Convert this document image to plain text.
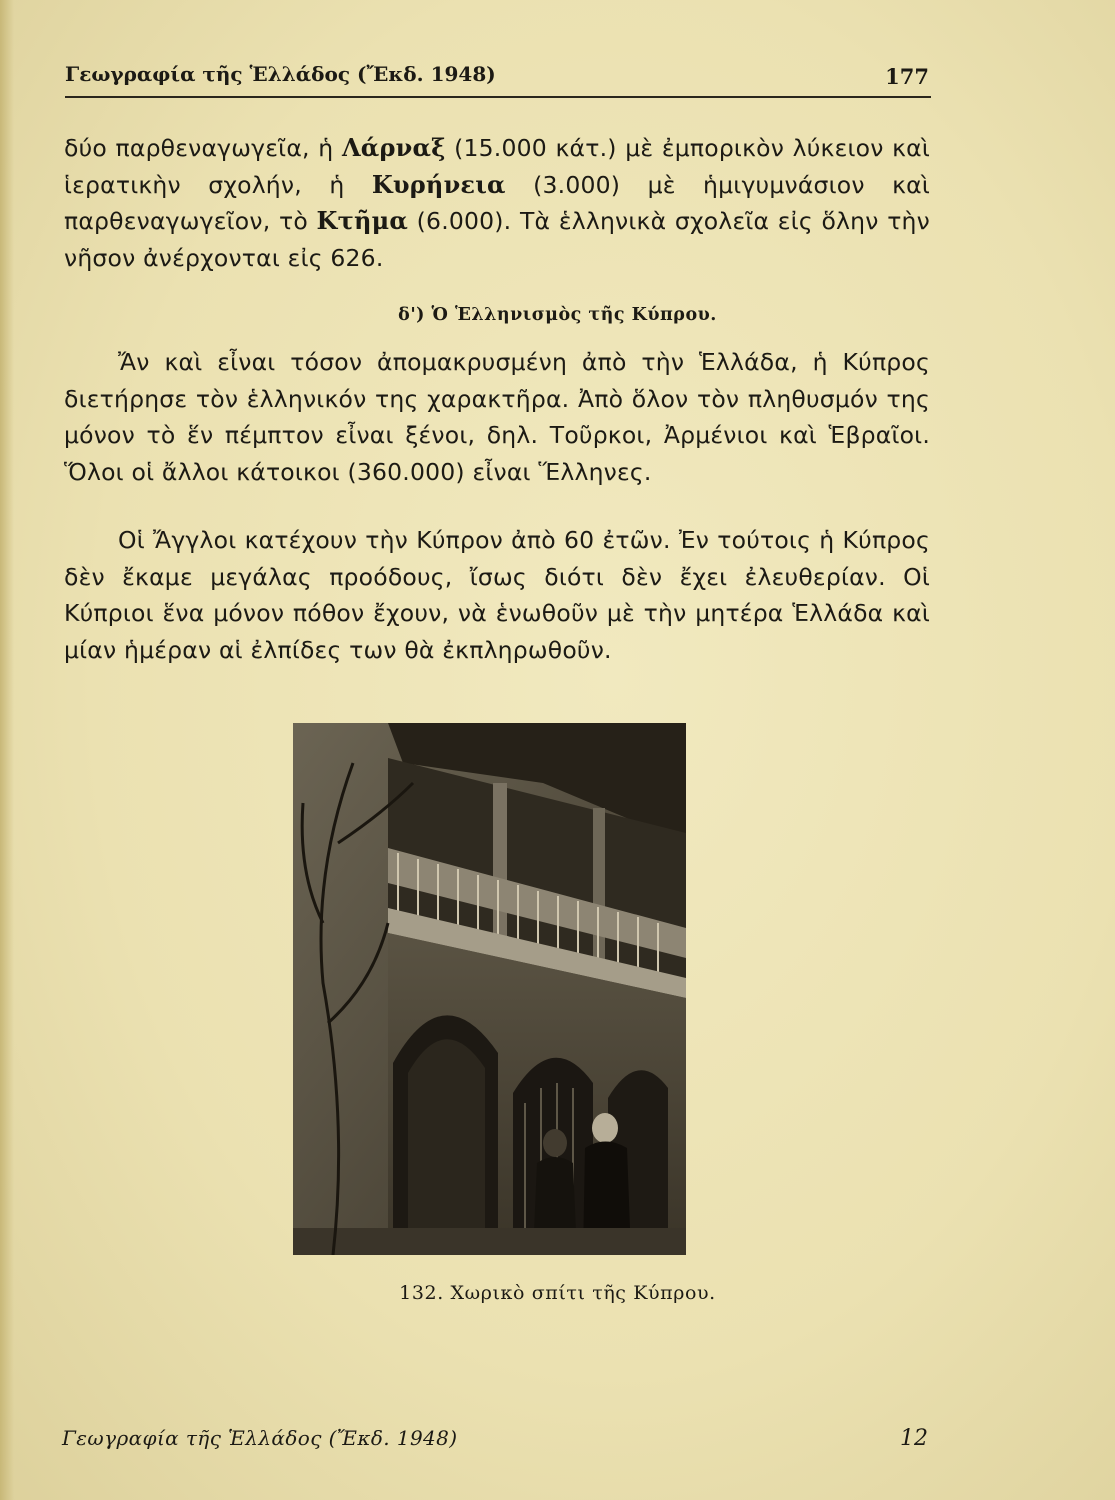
Γεωγραφία τῆς Ἑλλάδος (Ἔκδ. 1948)	177

δύο παρθεναγωγεῖα, ἡ Λάρναξ (15.000 κάτ.) μὲ ἐμπορικὸν λύκειον καὶ ἱερατικὴν σχολήν, ἡ Κυρήνεια (3.000) μὲ ἡμιγυμνάσιον καὶ παρθεναγωγεῖον, τὸ Κτῆμα (6.000). Τὰ ἑλληνικὰ σχολεῖα εἰς ὅλην τὴν νῆσον ἀνέρχονται εἰς 626.

δ') Ὁ Ἑλληνισμὸς τῆς Κύπρου.

Ἄν καὶ εἶναι τόσον ἀπομακρυσμένη ἀπὸ τὴν Ἑλλάδα, ἡ Κύπρος διετήρησε τὸν ἑλληνικόν της χαρακτῆρα. Ἀπὸ ὅλον τὸν πληθυσμόν της μόνον τὸ ἕν πέμπτον εἶναι ξένοι, δηλ. Τοῦρκοι, Ἀρμένιοι καὶ Ἑβραῖοι. Ὅλοι οἱ ἄλλοι κάτοικοι (360.000) εἶναι Ἕλληνες.

Οἱ Ἄγγλοι κατέχουν τὴν Κύπρον ἀπὸ 60 ἐτῶν. Ἐν τούτοις ἡ Κύπρος δὲν ἔκαμε μεγάλας προόδους, ἴσως διότι δὲν ἔχει ἐλευθερίαν. Οἱ Κύπριοι ἕνα μόνον πόθον ἔχουν, νὰ ἑνωθοῦν μὲ τὴν μητέρα Ἑλλάδα καὶ μίαν ἡμέραν αἱ ἐλπίδες των θὰ ἐκπληρωθοῦν.

132. Χωρικὸ σπίτι τῆς Κύπρου.
Γεωγραφία τῆς Ἑλλάδος (Ἔκδ. 1948)	12
